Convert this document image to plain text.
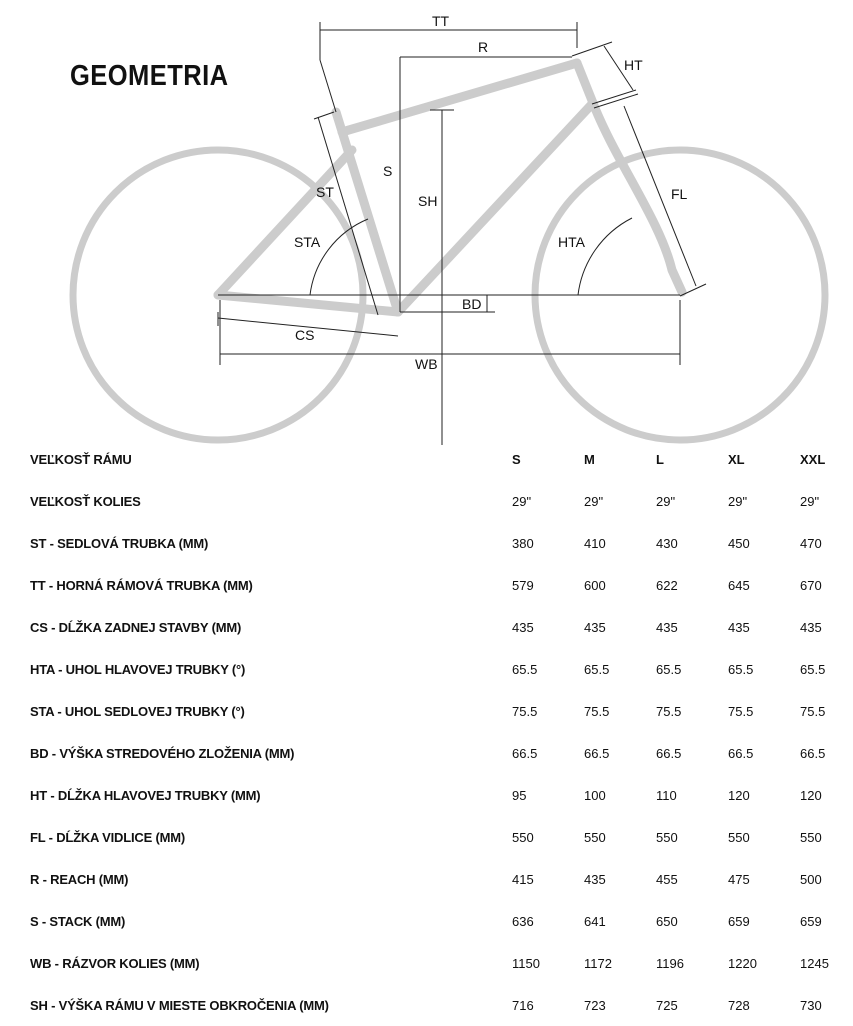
GEOMETRIA
TT
R
HT
S
SH
ST
STA	HTA
FL
BD
CS
WB
VEĽKOSŤ RÁMU	S	M	L	XL	XXL
VEĽKOSŤ KOLIES	29"	29"	29"	29"	29"
ST - SEDLOVÁ TRUBKA (MM)	380	410	430	450	470
TT - HORNÁ RÁMOVÁ TRUBKA (MM)	579	600	622	645	670
CS - DĹŽKA ZADNEJ STAVBY (MM)	435	435	435	435	435
HTA - UHOL HLAVOVEJ TRUBKY (°)	65.5	65.5	65.5	65.5	65.5
STA - UHOL SEDLOVEJ TRUBKY (°)	75.5	75.5	75.5	75.5	75.5
BD - VÝŠKA STREDOVÉHO ZLOŽENIA (MM)	66.5	66.5	66.5	66.5	66.5
HT - DĹŽKA HLAVOVEJ TRUBKY (MM)	95	100	110	120	120
FL - DĹŽKA VIDLICE (MM)	550	550	550	550	550
R - REACH (MM)	415	435	455	475	500
S - STACK (MM)	636	641	650	659	659
WB - RÁZVOR KOLIES (MM)	1150	1172	1196	1220	1245
SH - VÝŠKA RÁMU V MIESTE OBKROČENIA (MM)	716	723	725	728	730
